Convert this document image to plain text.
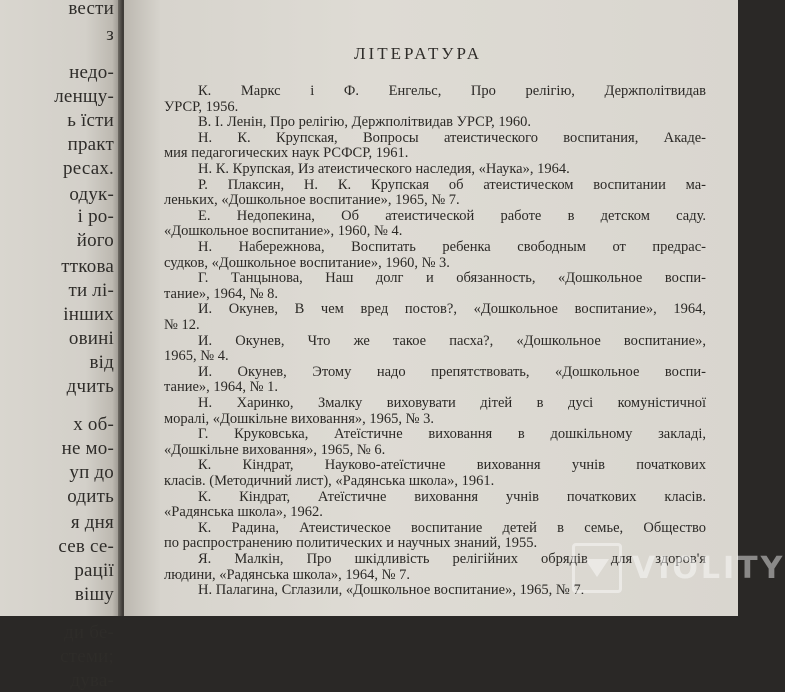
вести
з
недо-
ленщу-
ь їсти
практ
ресах.
одук-
і ро-
його
тткова
ти лі-
інших
овині
від
дчить
х об-
не мо-
уп до
одить
я дня
сев се-
рації
вішу
ди бе-
стеми;
дува-
ЛІТЕРАТУРА
К. Маркс і Ф. Енгельс, Про релігію, Держполітвидав
УРСР, 1956.
В. І. Ленін, Про релігію, Держполітвидав УРСР, 1960.
Н. К. Крупская, Вопросы атеистического воспитания, Акаде-
мия педагогических наук РСФСР, 1961.
Н. К. Крупская, Из атеистического наследия, «Наука», 1964.
Р. Плаксин, Н. К. Крупская об атеистическом воспитании ма-
леньких, «Дошкольное воспитание», 1965, № 7.
Е. Недопекина, Об атеистической работе в детском саду.
«Дошкольное воспитание», 1960, № 4.
Н. Набережнова, Воспитать ребенка свободным от предрас-
судков, «Дошкольное воспитание», 1960, № 3.
Г. Танцынова, Наш долг и обязанность, «Дошкольное воспи-
тание», 1964, № 8.
И. Окунев, В чем вред постов?, «Дошкольное воспитание», 1964,
№ 12.
И. Окунев, Что же такое пасха?, «Дошкольное воспитание»,
1965, № 4.
И. Окунев, Этому надо препятствовать, «Дошкольное воспи-
тание», 1964, № 1.
Н. Харинко, Змалку виховувати дітей в дусі комуністичної
моралі, «Дошкільне виховання», 1965, № 3.
Г. Круковська, Атеїстичне виховання в дошкільному закладі,
«Дошкільне виховання», 1965, № 6.
К. Кіндрат, Науково-атеїстичне виховання учнів початкових
класів. (Методичний лист), «Радянська школа», 1961.
К. Кіндрат, Атеїстичне виховання учнів початкових класів.
«Радянська школа», 1962.
К. Радина, Атеистическое воспитание детей в семье, Общество
по распространению политических и научных знаний, 1955.
Я. Малкін, Про шкідливість релігійних обрядів для здоров'я
людини, «Радянська школа», 1964, № 7.
Н. Палагина, Сглазили, «Дошкольное воспитание», 1965, № 7.
VIOLITY
